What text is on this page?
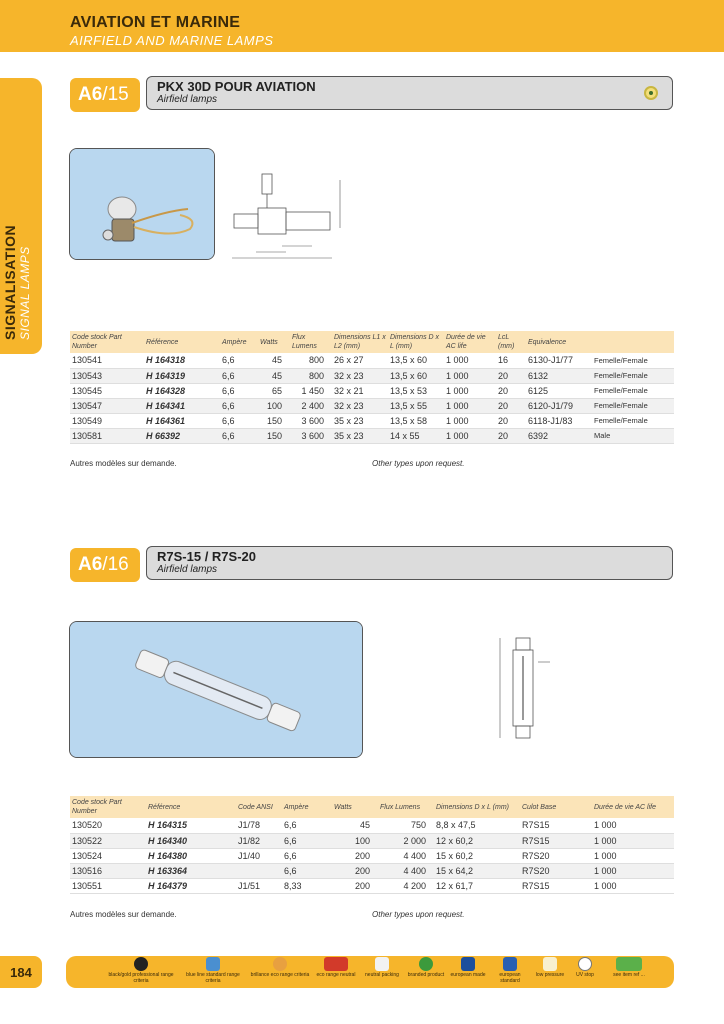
AVIATION ET MARINE
AIRFIELD AND MARINE LAMPS
SIGNALISATION SIGNAL LAMPS
A6 /15 PKX 30D POUR AVIATION
Airfield lamps
Code stock Part Number	Référence	Ampère	Watts	Flux Lumens	Dimensions L1 x L2 (mm)	Dimensions D x L (mm)	Durée de vie AC life	LcL (mm)	Equivalence	
130541	H 164318	6,6	45	800	26 x 27	13,5 x 60	1 000	16	6130-J1/77	Femelle/Female
130543	H 164319	6,6	45	800	32 x 23	13,5 x 60	1 000	20	6132	Femelle/Female
130545	H 164328	6,6	65	1 450	32 x 21	13,5 x 53	1 000	20	6125	Femelle/Female
130547	H 164341	6,6	100	2 400	32 x 23	13,5 x 55	1 000	20	6120-J1/79	Femelle/Female
130549	H 164361	6,6	150	3 600	35 x 23	13,5 x 58	1 000	20	6118-J1/83	Femelle/Female
130581	H 66392	6,6	150	3 600	35 x 23	14 x 55	1 000	20	6392	Male
Autres modèles sur demande.	Other types upon request.
A6 /16 R7S-15 / R7S-20
Airfield lamps
Code stock Part Number	Référence	Code ANSI	Ampère	Watts	Flux Lumens	Dimensions D x L (mm)	Culot Base	Durée de vie AC life
130520	H 164315	J1/78	6,6	45	750	8,8 x 47,5	R7S15	1 000
130522	H 164340	J1/82	6,6	100	2 000	12 x 60,2	R7S15	1 000
130524	H 164380	J1/40	6,6	200	4 400	15 x 60,2	R7S20	1 000
130516	H 163364		6,6	200	4 400	15 x 64,2	R7S20	1 000
130551	H 164379	J1/51	8,33	200	4 200	12 x 61,7	R7S15	1 000
Autres modèles sur demande.	Other types upon request.
184	black/gold professional range criteria
blue line standard range criteria
brillance eco range criteria	eco range neutral	neutral packing	branded product	european made	european standard
low pressure	UV stop	see item ref ...
